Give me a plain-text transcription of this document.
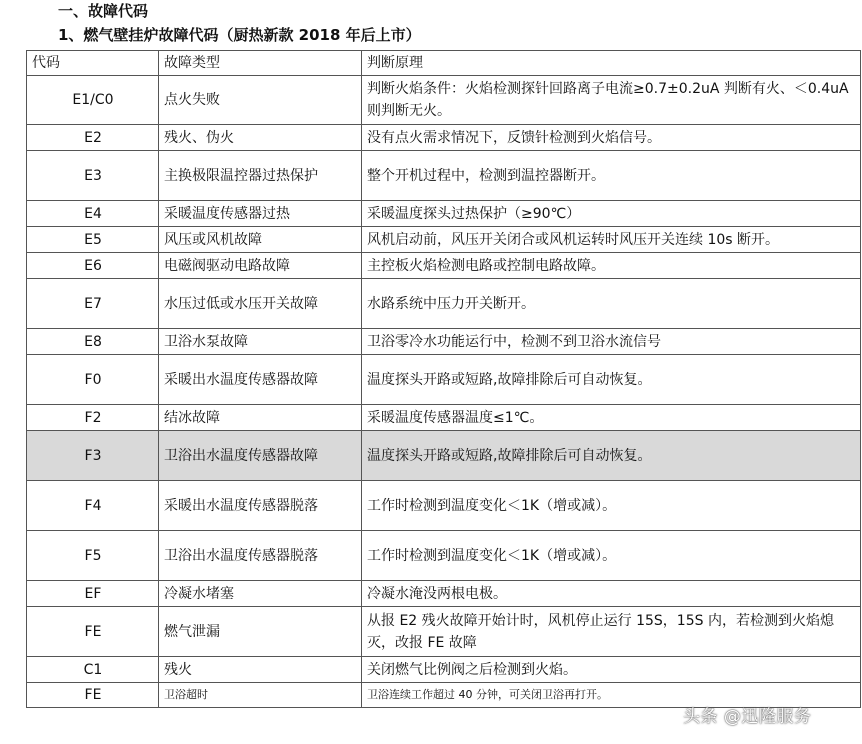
一、故障代码
1、燃气壁挂炉故障代码（厨热新款 2018 年后上市）
代码	故障类型	判断原理
E1/C0	点火失败	判断火焰条件：火焰检测探针回路离子电流≥0.7±0.2uA 判断有火、＜0.4uA 则判断无火。
E2	残火、伪火	没有点火需求情况下，反馈针检测到火焰信号。
E3	主换极限温控器过热保护	整个开机过程中，检测到温控器断开。
E4	采暖温度传感器过热	采暖温度探头过热保护（≥90℃）
E5	风压或风机故障	风机启动前，风压开关闭合或风机运转时风压开关连续 10s 断开。
E6	电磁阀驱动电路故障	主控板火焰检测电路或控制电路故障。
E7	水压过低或水压开关故障	水路系统中压力开关断开。
E8	卫浴水泵故障	卫浴零冷水功能运行中，检测不到卫浴水流信号
F0	采暖出水温度传感器故障	温度探头开路或短路,故障排除后可自动恢复。
F2	结冰故障	采暖温度传感器温度≤1℃。
F3	卫浴出水温度传感器故障	温度探头开路或短路,故障排除后可自动恢复。
F4	采暖出水温度传感器脱落	工作时检测到温度变化＜1K（增或减）。
F5	卫浴出水温度传感器脱落	工作时检测到温度变化＜1K（增或减）。
EF	冷凝水堵塞	冷凝水淹没两根电极。
FE	燃气泄漏	从报 E2 残火故障开始计时，风机停止运行 15S，15S 内，若检测到火焰熄灭，改报 FE 故障
C1	残火	关闭燃气比例阀之后检测到火焰。
FE	卫浴超时	卫浴连续工作超过 40 分钟，可关闭卫浴再打开。
头条 @迅隆服务
